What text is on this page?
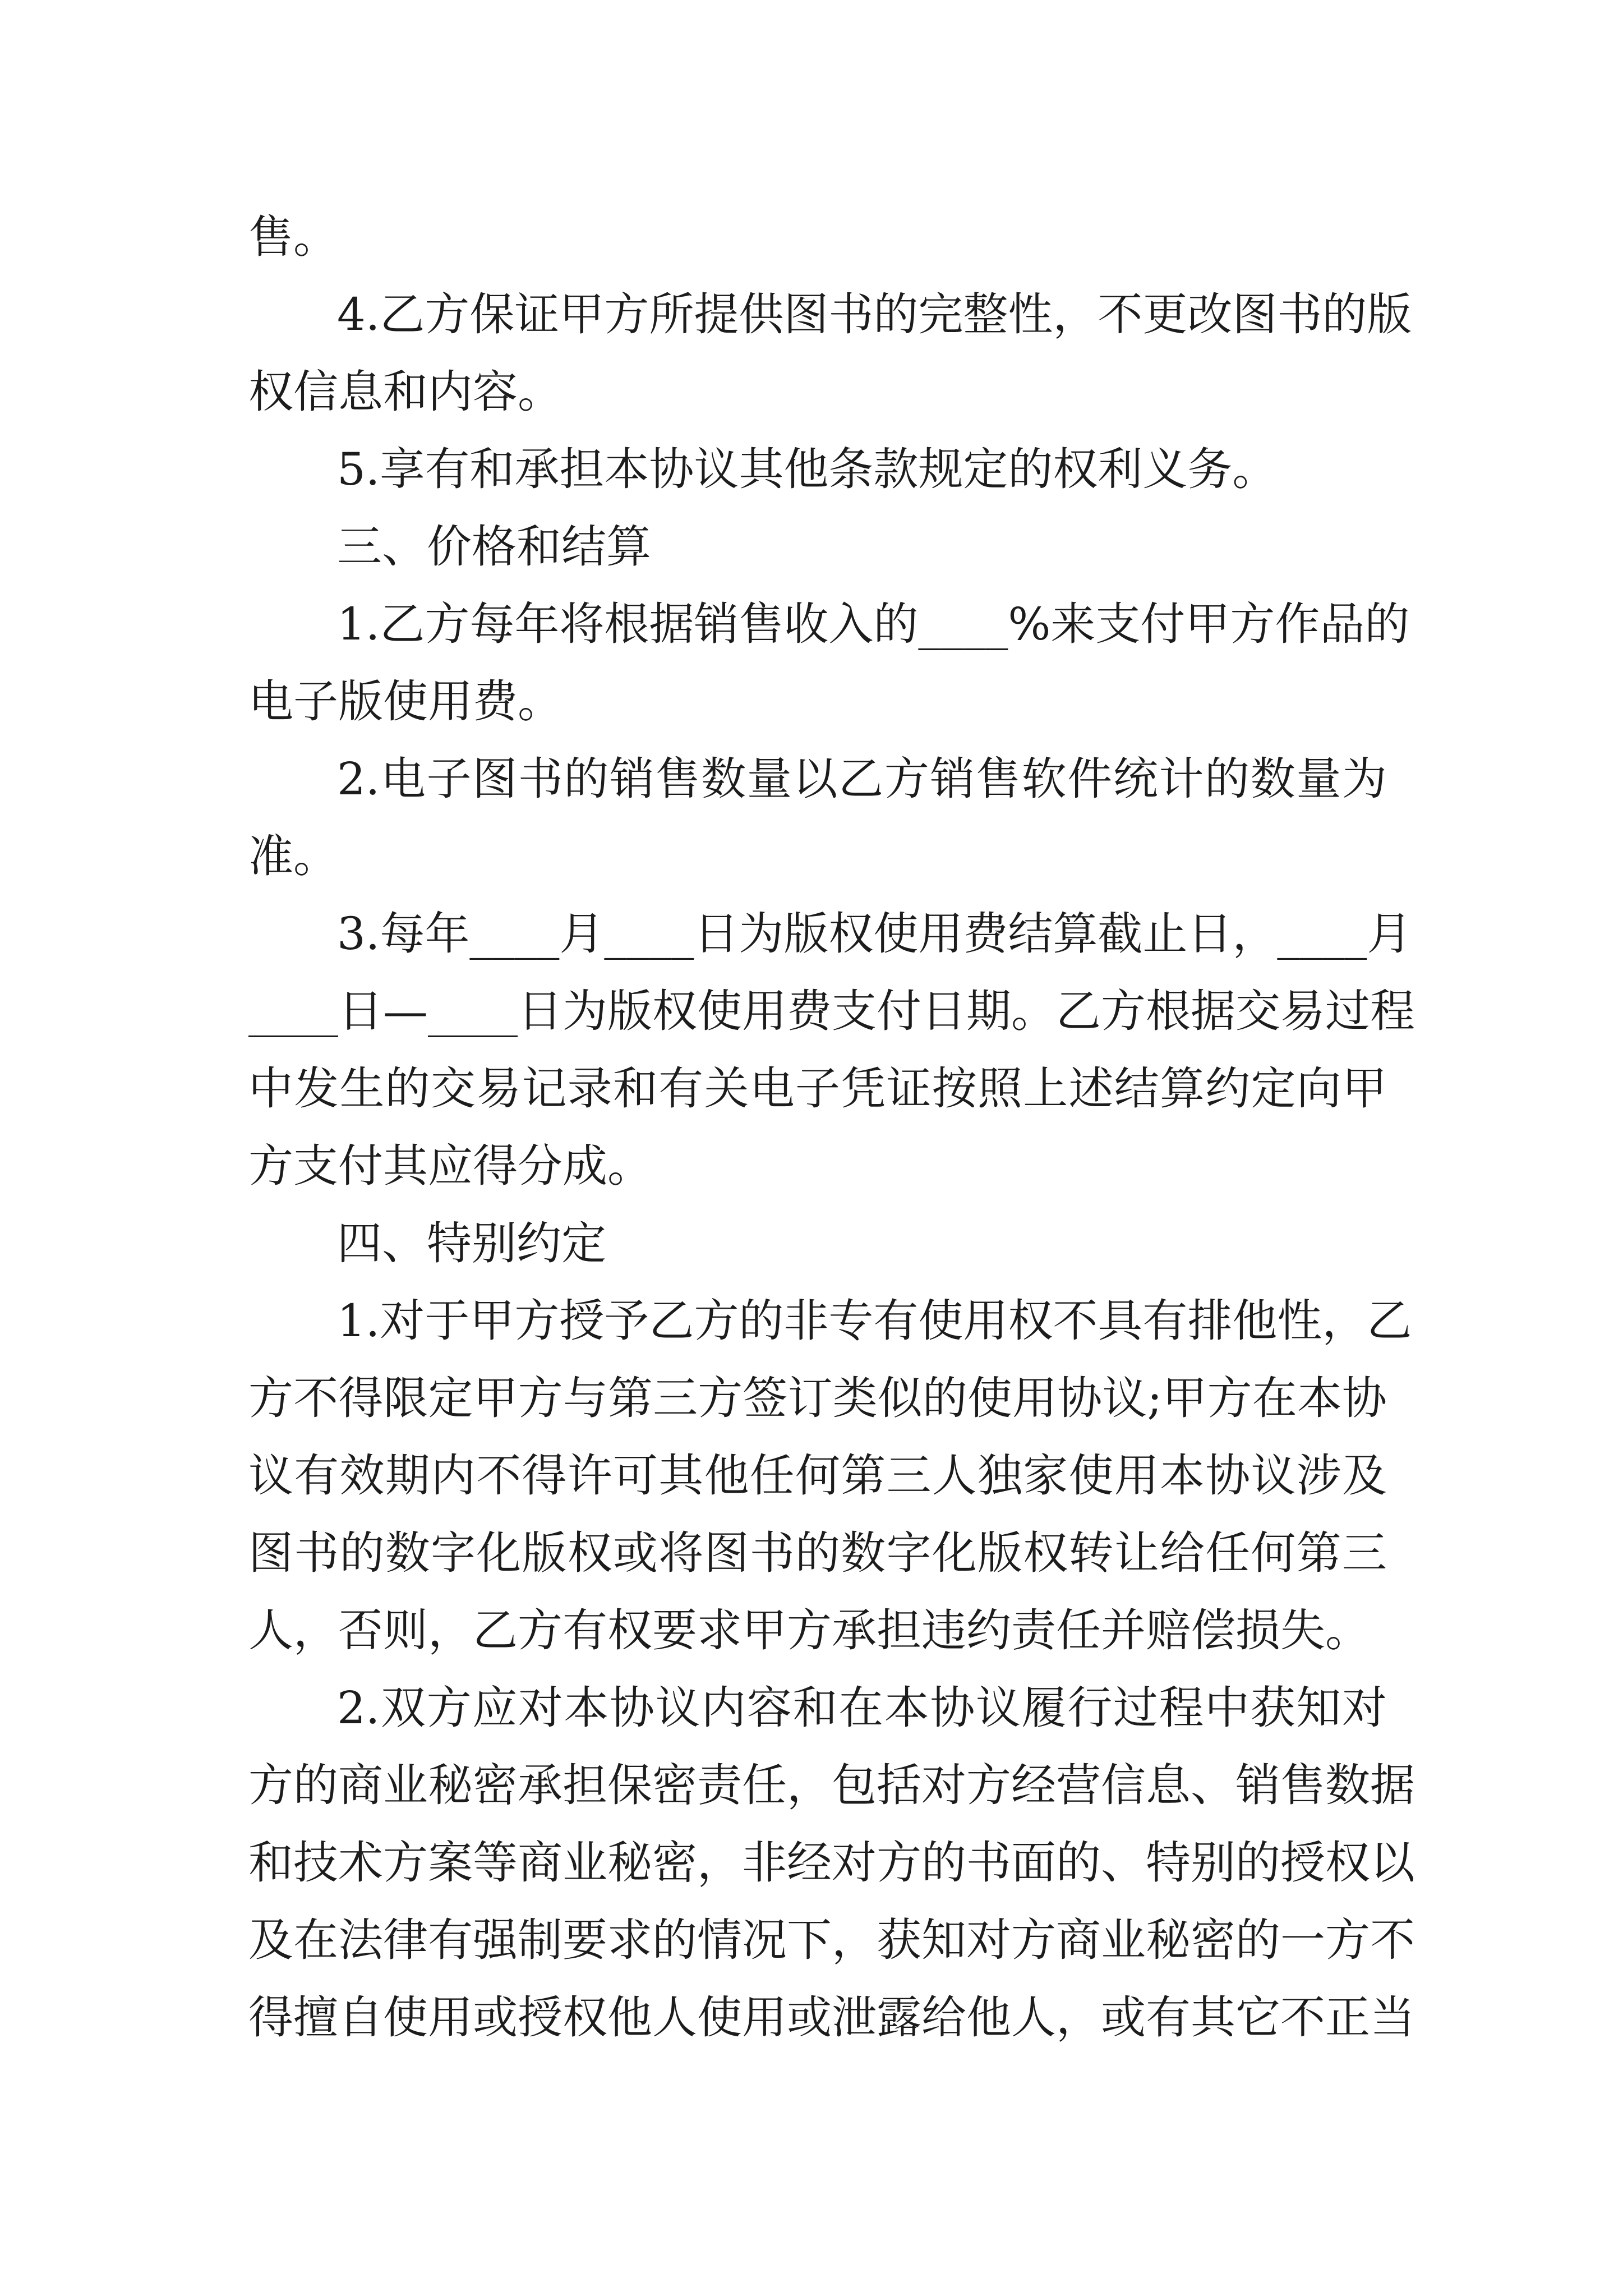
售。
4.乙方保证甲方所提供图书的完整性，不更改图书的版
权信息和内容。
5.享有和承担本协议其他条款规定的权利义务。
三、价格和结算
1.乙方每年将根据销售收入的____%来支付甲方作品的
电子版使用费。
2.电子图书的销售数量以乙方销售软件统计的数量为
准。
3.每年____月____日为版权使用费结算截止日，____月
____日—____日为版权使用费支付日期。乙方根据交易过程
中发生的交易记录和有关电子凭证按照上述结算约定向甲
方支付其应得分成。
四、特别约定
1.对于甲方授予乙方的非专有使用权不具有排他性，乙
方不得限定甲方与第三方签订类似的使用协议;甲方在本协
议有效期内不得许可其他任何第三人独家使用本协议涉及
图书的数字化版权或将图书的数字化版权转让给任何第三
人，否则，乙方有权要求甲方承担违约责任并赔偿损失。
2.双方应对本协议内容和在本协议履行过程中获知对
方的商业秘密承担保密责任，包括对方经营信息、销售数据
和技术方案等商业秘密，非经对方的书面的、特别的授权以
及在法律有强制要求的情况下，获知对方商业秘密的一方不
得擅自使用或授权他人使用或泄露给他人，或有其它不正当
